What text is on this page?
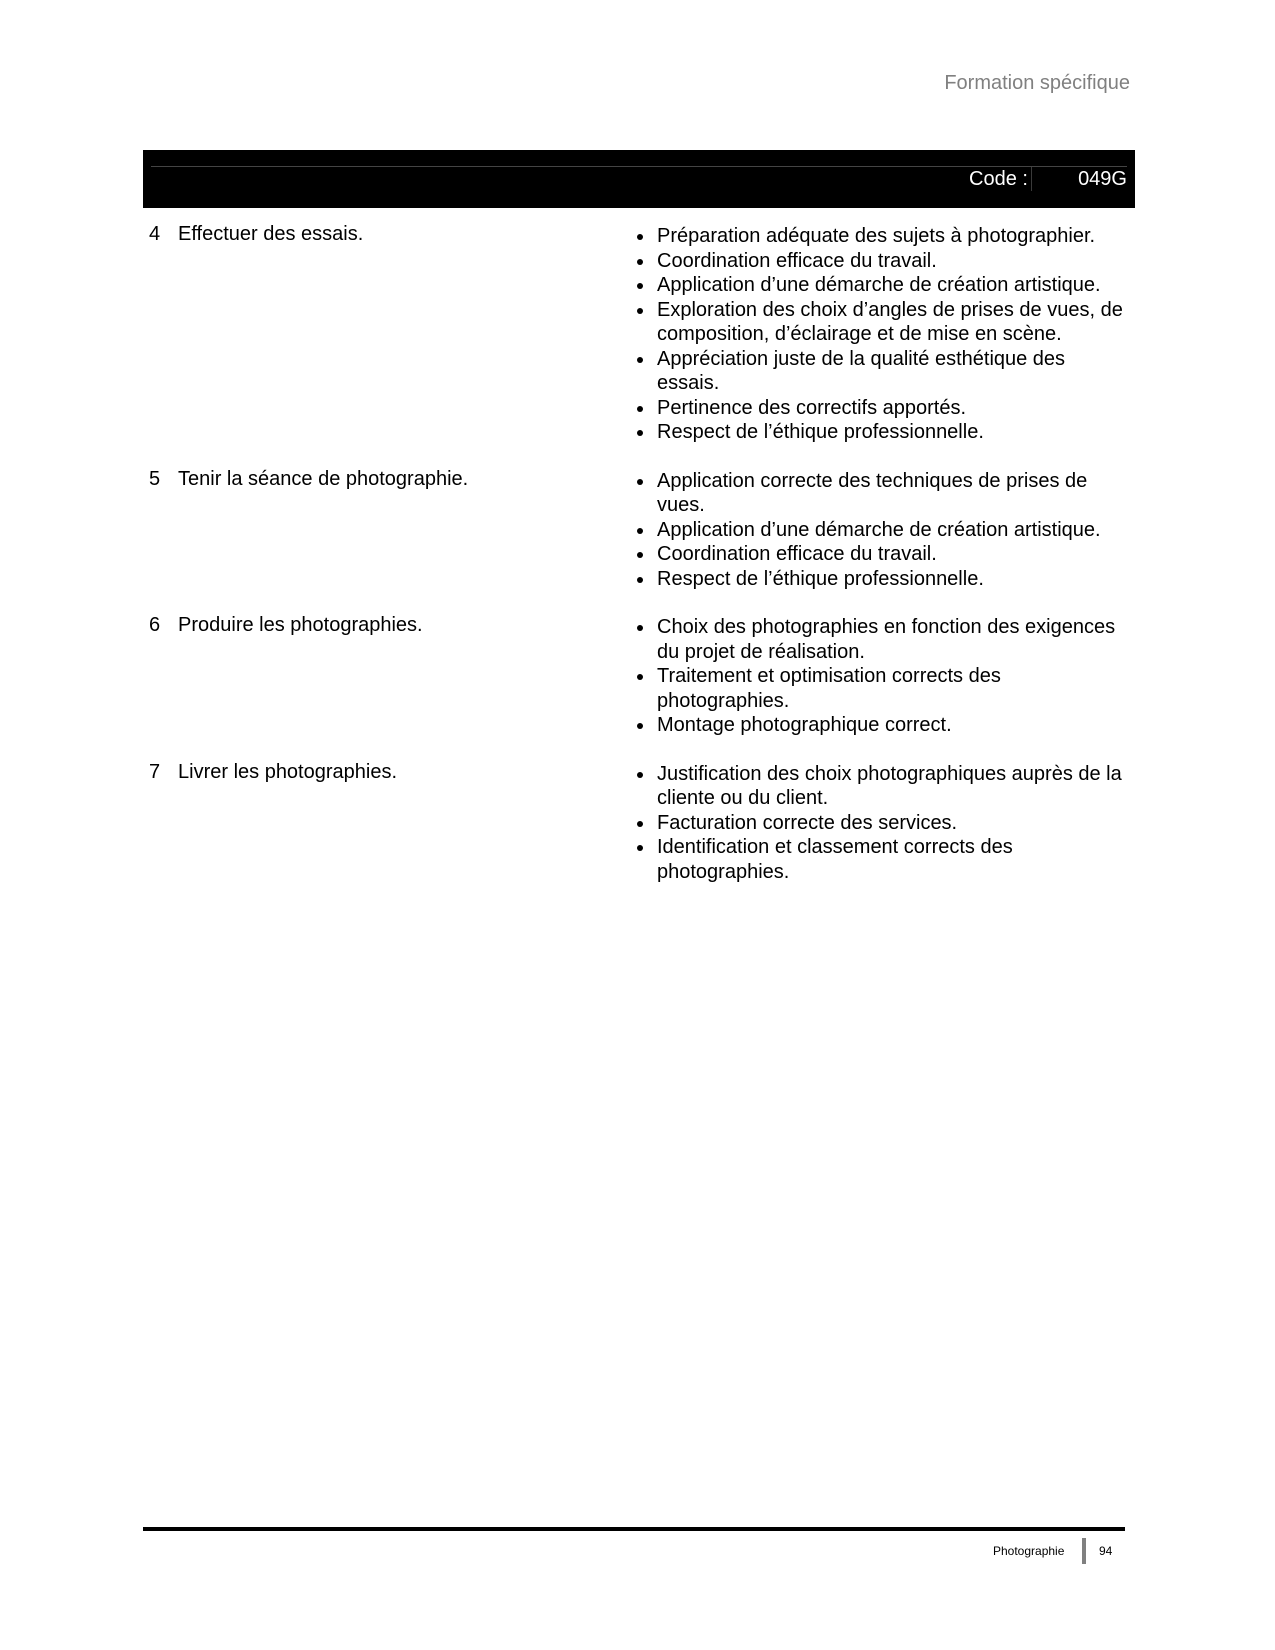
Formation spécifique
Code :	049G
4 Effectuer des essais.	Préparation adéquate des sujets à photographier.
Coordination efficace du travail.
Application d’une démarche de création artistique.
Exploration des choix d’angles de prises de vues, de composition, d’éclairage et de mise en scène.
Appréciation juste de la qualité esthétique des essais.
Pertinence des correctifs apportés.
Respect de l’éthique professionnelle.
5 Tenir la séance de photographie.	Application correcte des techniques de prises de vues.
Application d’une démarche de création artistique.
Coordination efficace du travail.
Respect de l’éthique professionnelle.
6 Produire les photographies.	Choix des photographies en fonction des exigences du projet de réalisation.
Traitement et optimisation corrects des photographies.
Montage photographique correct.
7 Livrer les photographies.	Justification des choix photographiques auprès de la cliente ou du client.
Facturation correcte des services.
Identification et classement corrects des photographies.
Photographie	94
